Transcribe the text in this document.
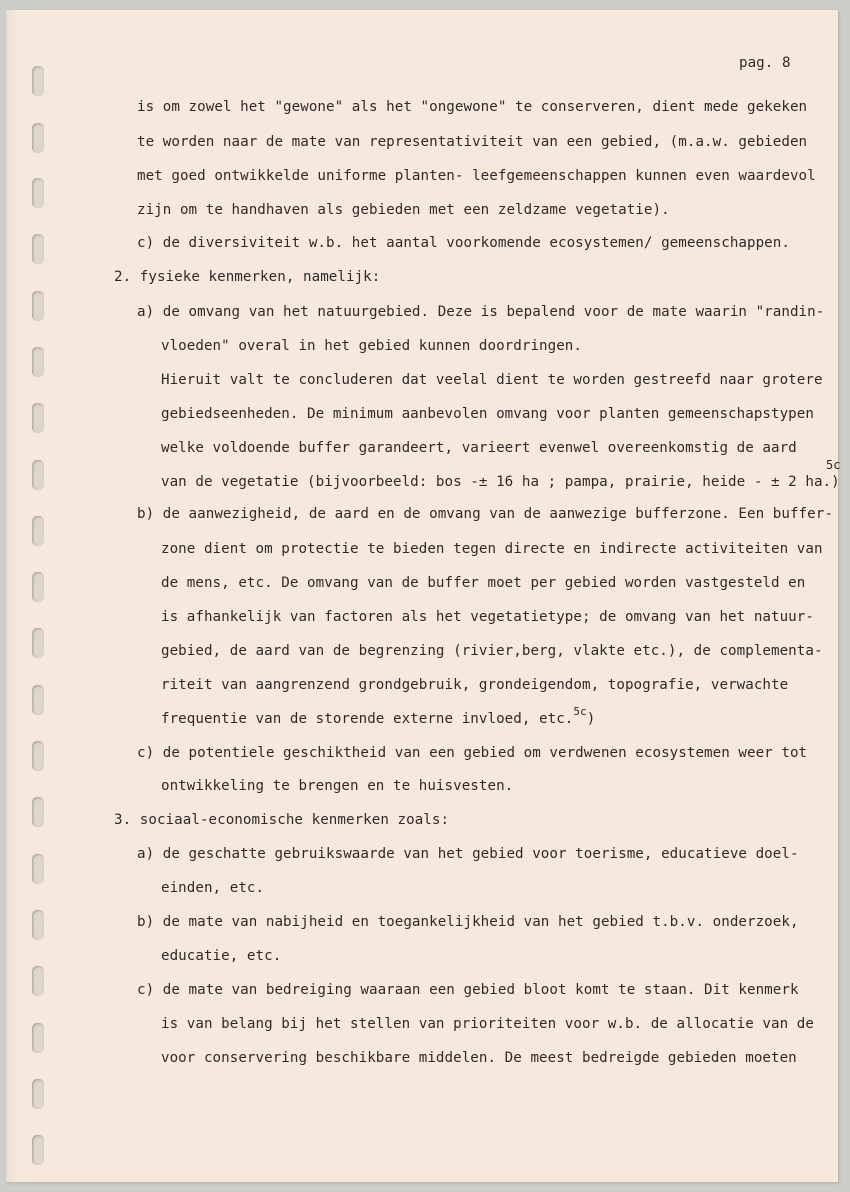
pag. 8
is om zowel het "gewone" als het "ongewone" te conserveren, dient mede gekeken
te worden naar de mate van representativiteit van een gebied, (m.a.w. gebieden
met goed ontwikkelde uniforme planten- leefgemeenschappen kunnen even waardevol
zijn om te handhaven als gebieden met een zeldzame vegetatie).
c) de diversiviteit w.b. het aantal voorkomende ecosystemen/ gemeenschappen.
2. fysieke kenmerken, namelijk:
a) de omvang van het natuurgebied. Deze is bepalend voor de mate waarin "randin-
vloeden" overal in het gebied kunnen doordringen.
Hieruit valt te concluderen dat veelal dient te worden gestreefd naar grotere
gebiedseenheden. De minimum aanbevolen omvang voor planten gemeenschapstypen
welke voldoende buffer garandeert, varieert evenwel overeenkomstig de aard
van de vegetatie (bijvoorbeeld: bos -± 16 ha ; pampa, prairie, heide - ± 2 ha.)
5c
b) de aanwezigheid, de aard en de omvang van de aanwezige bufferzone. Een buffer-
zone dient om protectie te bieden tegen directe en indirecte activiteiten van
de mens, etc. De omvang van de buffer moet per gebied worden vastgesteld en
is afhankelijk van factoren als het vegetatietype; de omvang van het natuur-
gebied, de aard van de begrenzing (rivier,berg, vlakte etc.), de complementa-
riteit van aangrenzend grondgebruik, grondeigendom, topografie, verwachte
frequentie van de storende externe invloed, etc.$^{5c}$)
c) de potentiele geschiktheid van een gebied om verdwenen ecosystemen weer tot
ontwikkeling te brengen en te huisvesten.
3. sociaal-economische kenmerken zoals:
a) de geschatte gebruikswaarde van het gebied voor toerisme, educatieve doel-
einden, etc.
b) de mate van nabijheid en toegankelijkheid van het gebied t.b.v. onderzoek,
educatie, etc.
c) de mate van bedreiging waaraan een gebied bloot komt te staan. Dit kenmerk
is van belang bij het stellen van prioriteiten voor w.b. de allocatie van de
voor conservering beschikbare middelen. De meest bedreigde gebieden moeten
